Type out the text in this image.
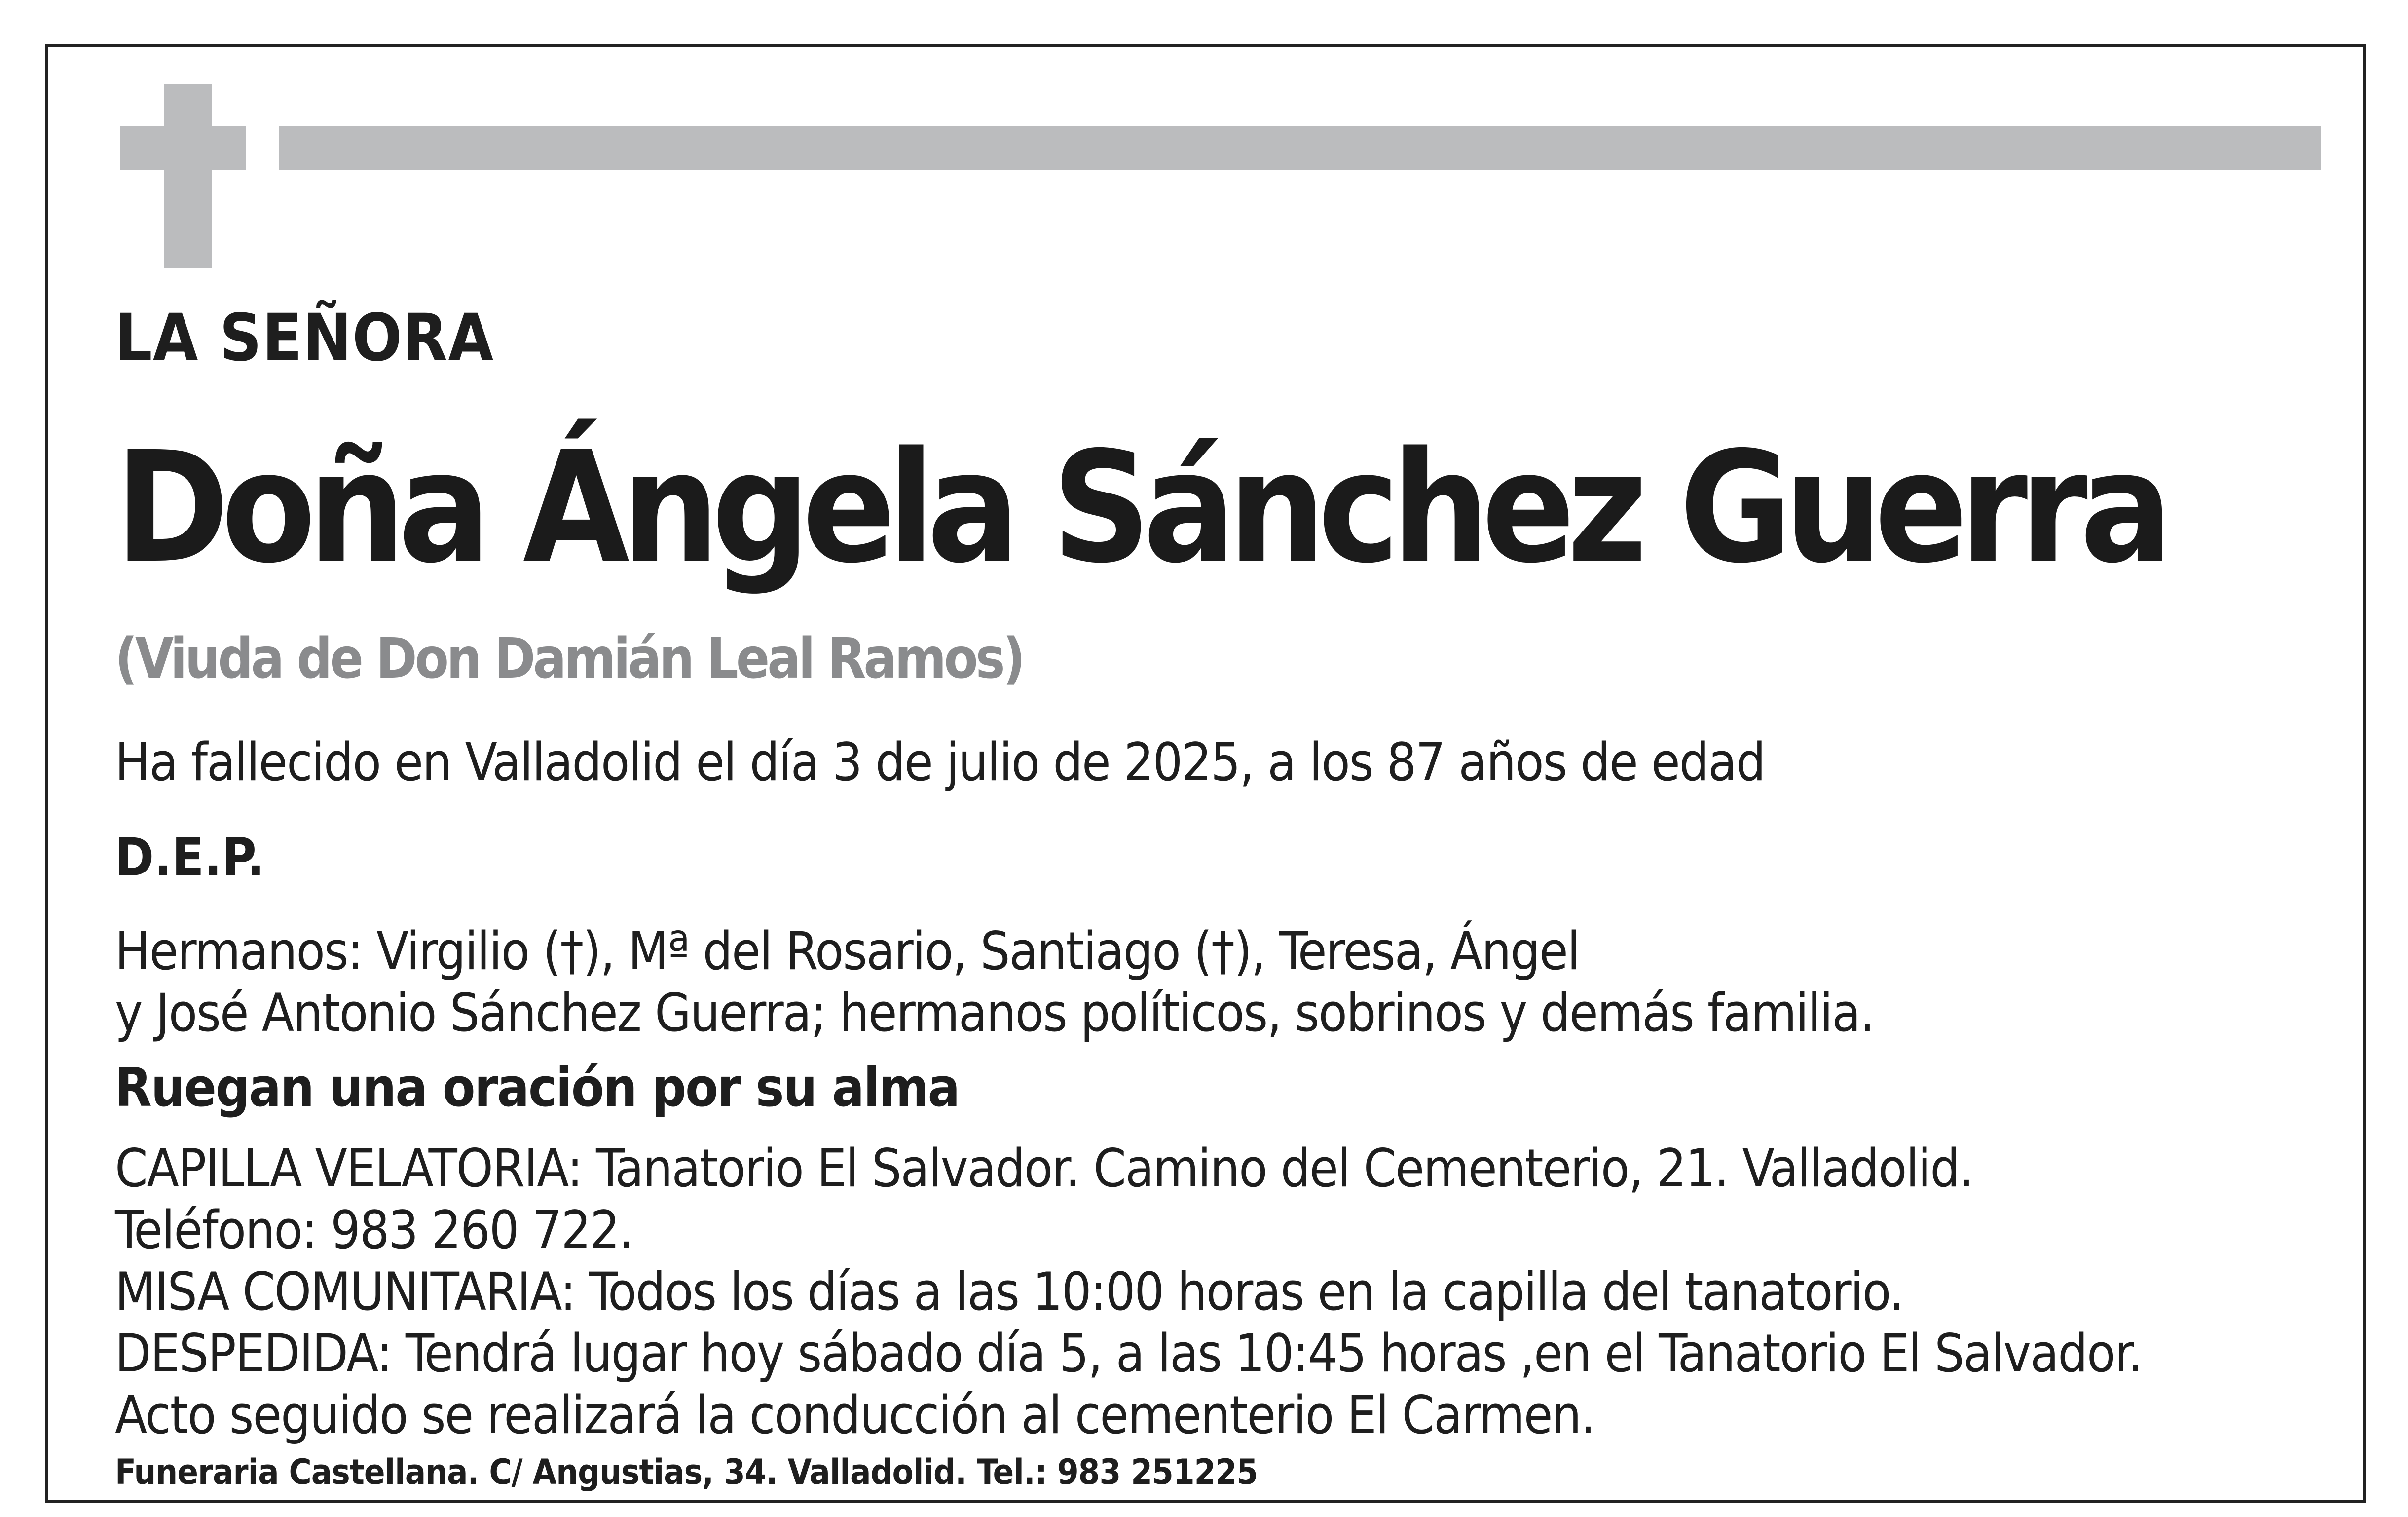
LA SEÑORA

Doña Ángela Sánchez Guerra

(Viuda de Don Damián Leal Ramos)

Ha fallecido en Valladolid el día 3 de julio de 2025, a los 87 años de edad

D.E.P.

Hermanos: Virgilio (†), Mª del Rosario, Santiago (†), Teresa, Ángel
y José Antonio Sánchez Guerra; hermanos políticos, sobrinos y demás familia.

Ruegan una oración por su alma

CAPILLA VELATORIA: Tanatorio El Salvador. Camino del Cementerio, 21. Valladolid.
Teléfono: 983 260 722.
MISA COMUNITARIA: Todos los días a las 10:00 horas en la capilla del tanatorio.
DESPEDIDA: Tendrá lugar hoy sábado día 5, a las 10:45 horas ,en el Tanatorio El Salvador.
Acto seguido se realizará la conducción al cementerio El Carmen.

Funeraria Castellana. C/ Angustias, 34. Valladolid. Tel.: 983 251225
